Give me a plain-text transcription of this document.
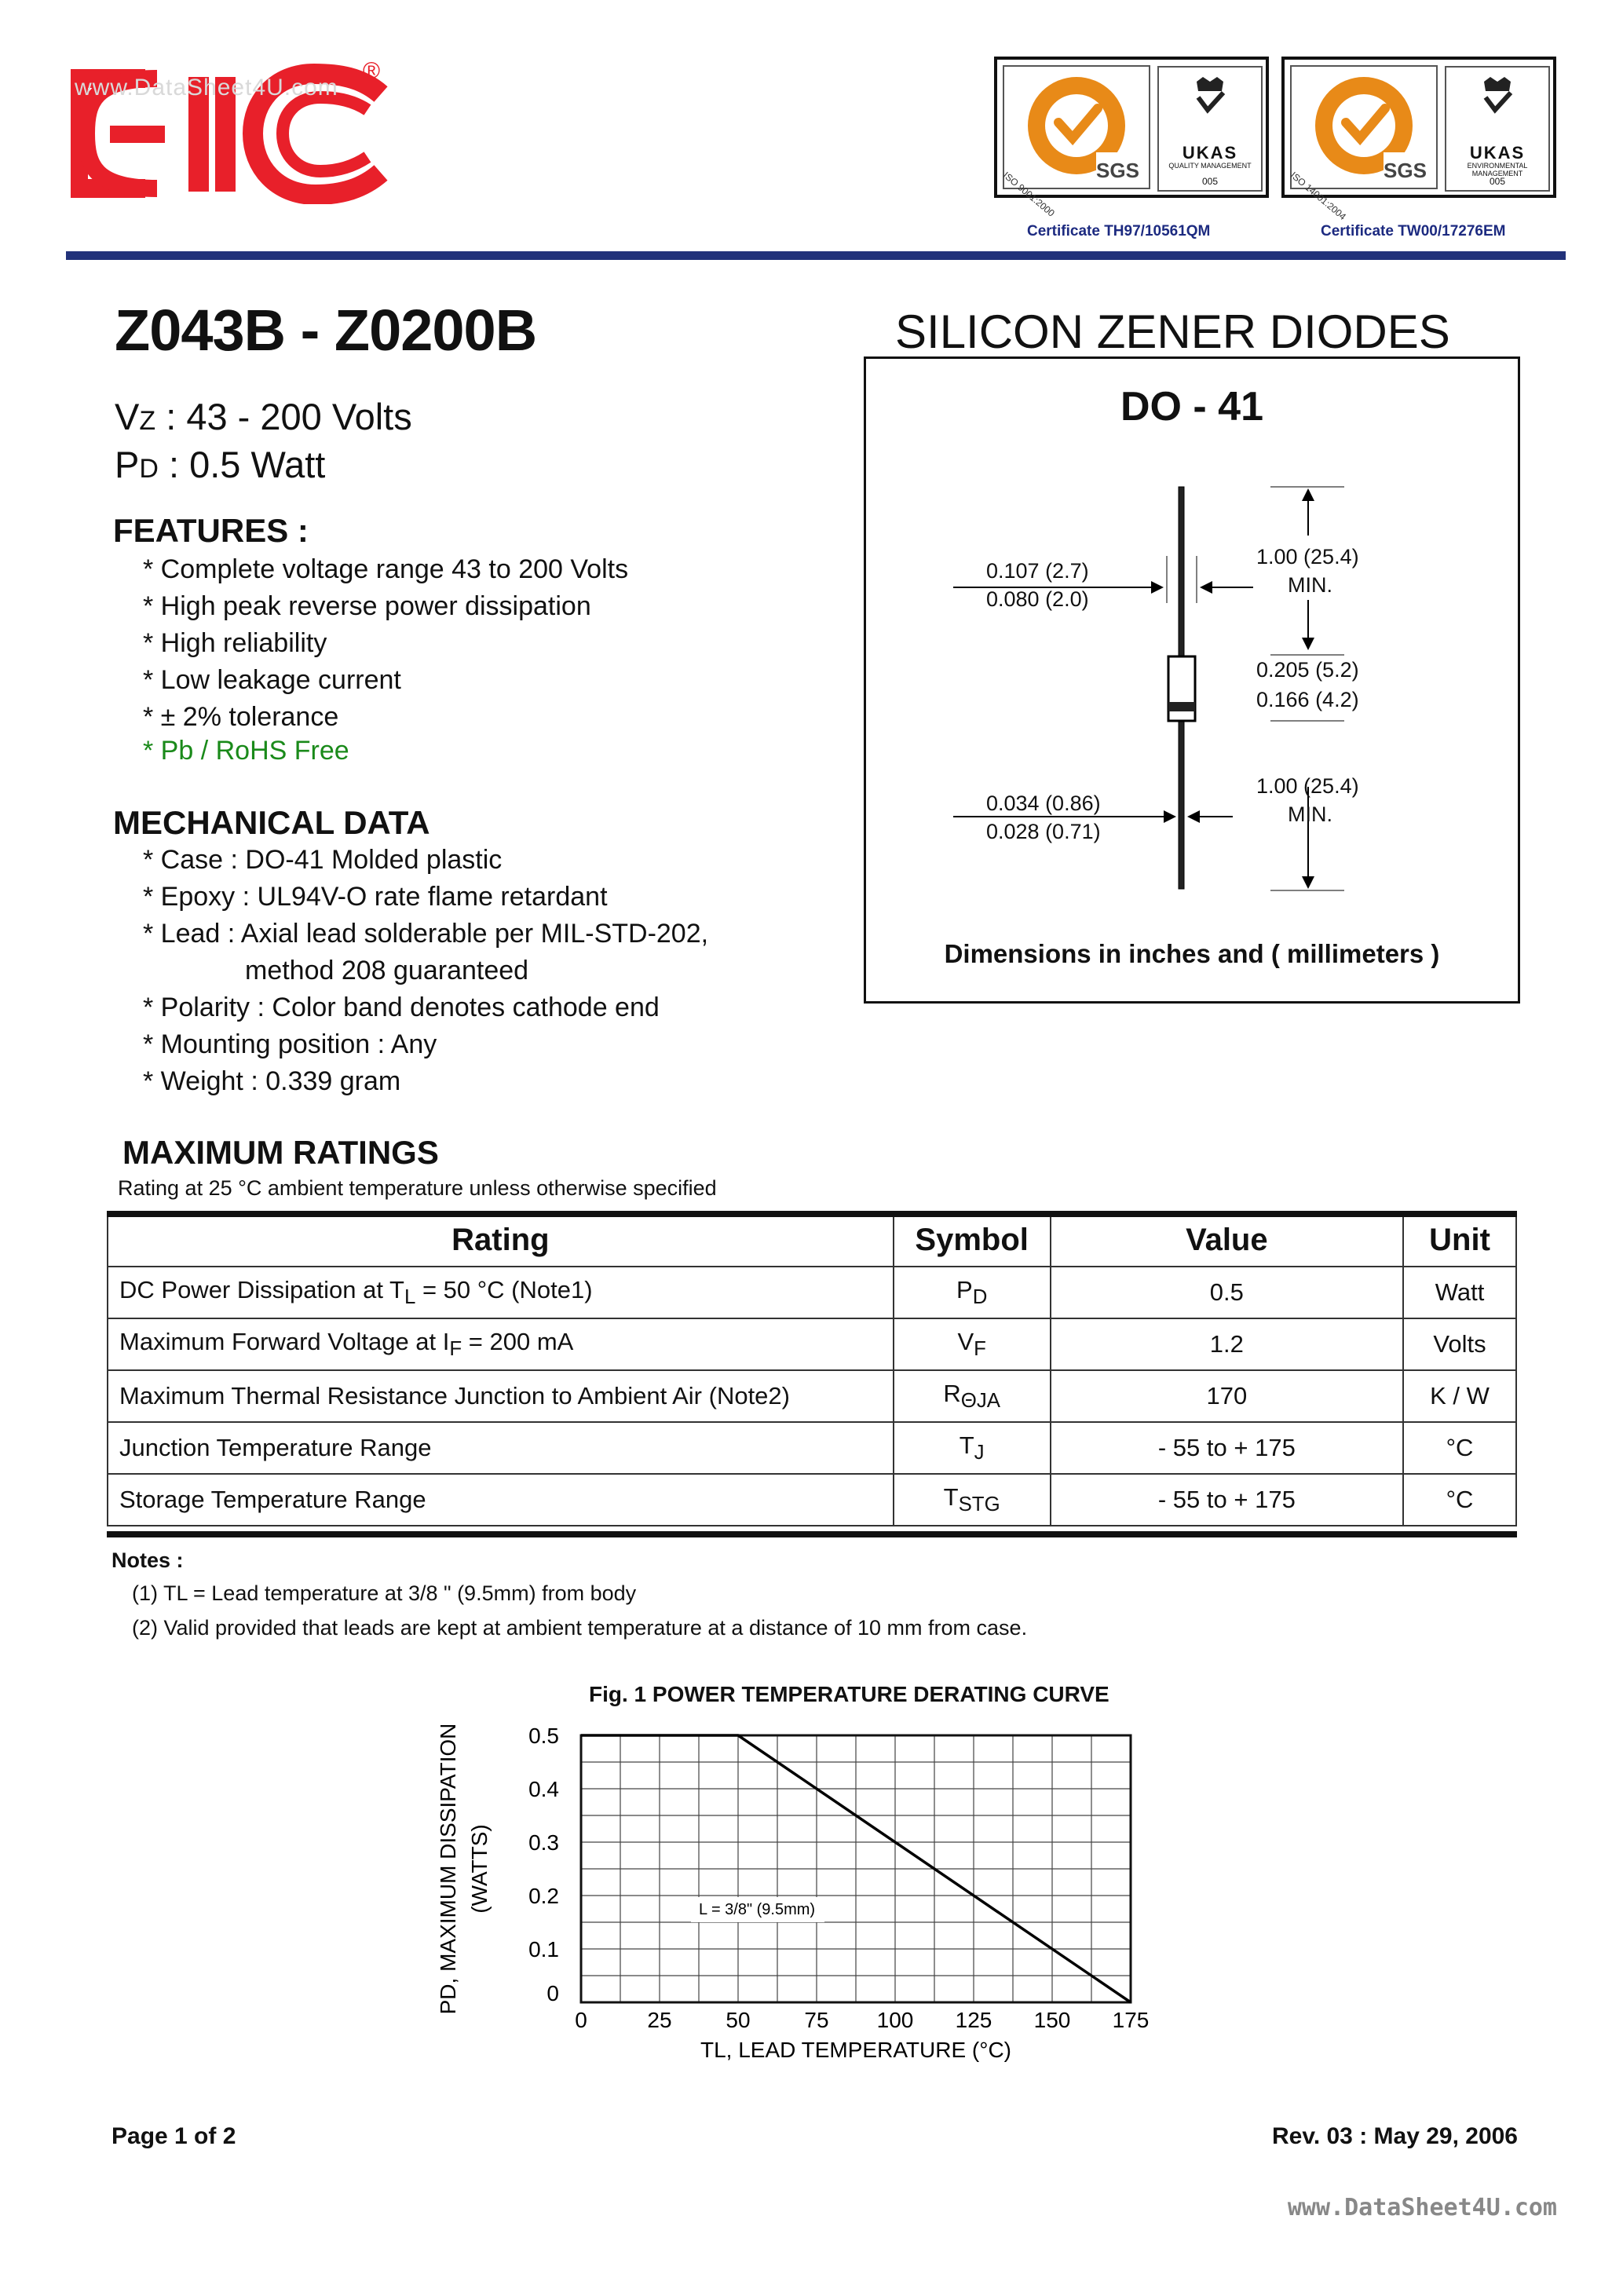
®
www.DataSheet4U.com
SGS
ISO 9001:2000
UKAS
QUALITY MANAGEMENT
005
Certificate TH97/10561QM
SGS
ISO 14001:2004
UKAS
ENVIRONMENTAL MANAGEMENT
005
Certificate TW00/17276EM
Z043B - Z0200B
VZ : 43 - 200 Volts
PD : 0.5 Watt
FEATURES :
* Complete voltage range 43 to 200 Volts
* High peak reverse power dissipation
* High reliability
* Low leakage current
* ± 2% tolerance
* Pb / RoHS Free
MECHANICAL DATA
* Case : DO-41 Molded plastic
* Epoxy : UL94V-O rate flame retardant
* Lead : Axial lead solderable per MIL-STD-202,
method 208 guaranteed
* Polarity : Color band denotes cathode end
* Mounting position : Any
* Weight : 0.339 gram
SILICON ZENER DIODES
DO - 41
0.107 (2.7)
0.080 (2.0)
1.00 (25.4)
MIN.
0.205 (5.2)
0.166 (4.2)
0.034 (0.86)
0.028 (0.71)
1.00 (25.4)
MIN.
Dimensions in inches and ( millimeters )
MAXIMUM RATINGS
Rating at 25 °C ambient temperature unless otherwise specified
Rating	Symbol	Value	Unit
DC Power Dissipation at $T_L = 50$ °C (Note1)	$P_D$	0.5	Watt
Maximum Forward Voltage at $I_F = 200$ mA	$V_F$	1.2	Volts
Maximum Thermal Resistance Junction to Ambient Air (Note2)	$R_{\Theta JA}$	170	K / W
Junction Temperature Range	$T_J$	- 55 to + 175	°C
Storage Temperature Range	$T_{STG}$	- 55 to + 175	°C
Notes :
(1) TL = Lead temperature at 3/8 " (9.5mm) from body
(2) Valid provided that leads are kept at ambient temperature at a distance of 10 mm from case.
Fig. 1 POWER TEMPERATURE DERATING CURVE
0
0.1
0.2
0.3
0.4
0.5
0	25 50 75 100 125 150 175
L = 3/8" (9.5mm)
PD, MAXIMUM DISSIPATION (WATTS)
TL, LEAD TEMPERATURE (°C)
Page 1 of 2	Rev. 03 : May 29, 2006
www.DataSheet4U.com
